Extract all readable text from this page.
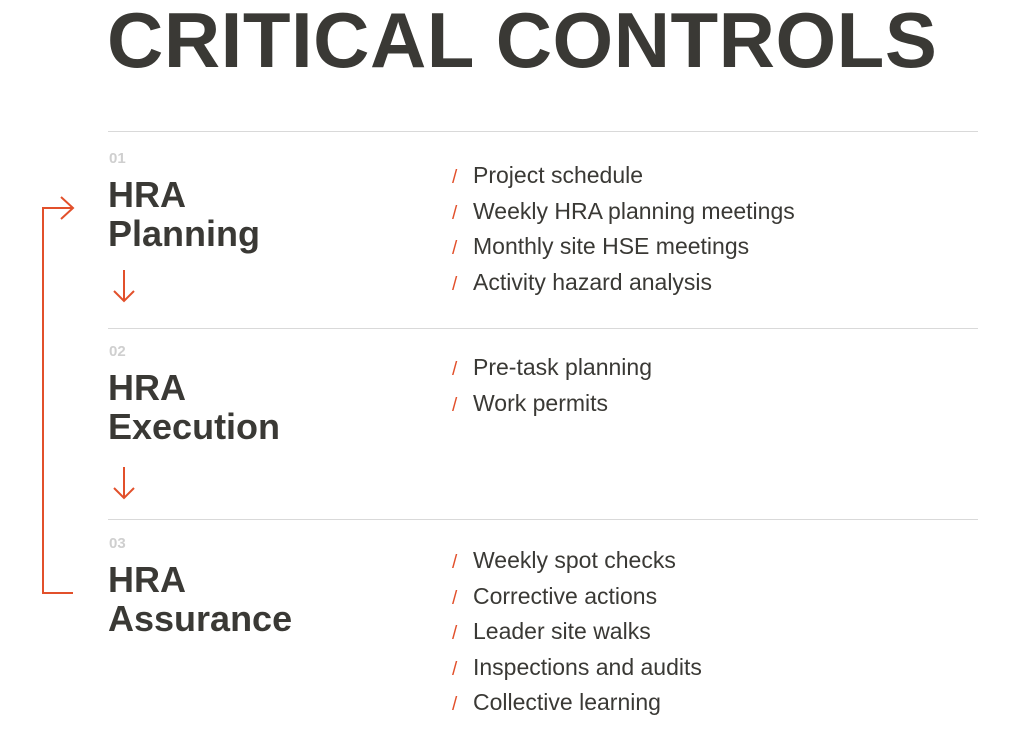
CRITICAL CONTROLS
01
HRA
Planning
/ Project schedule
/ Weekly HRA planning meetings
/ Monthly site HSE meetings
/ Activity hazard analysis
02
HRA
Execution
/ Pre-task planning
/ Work permits
03
HRA
Assurance
/ Weekly spot checks
/ Corrective actions
/ Leader site walks
/ Inspections and audits
/ Collective learning
